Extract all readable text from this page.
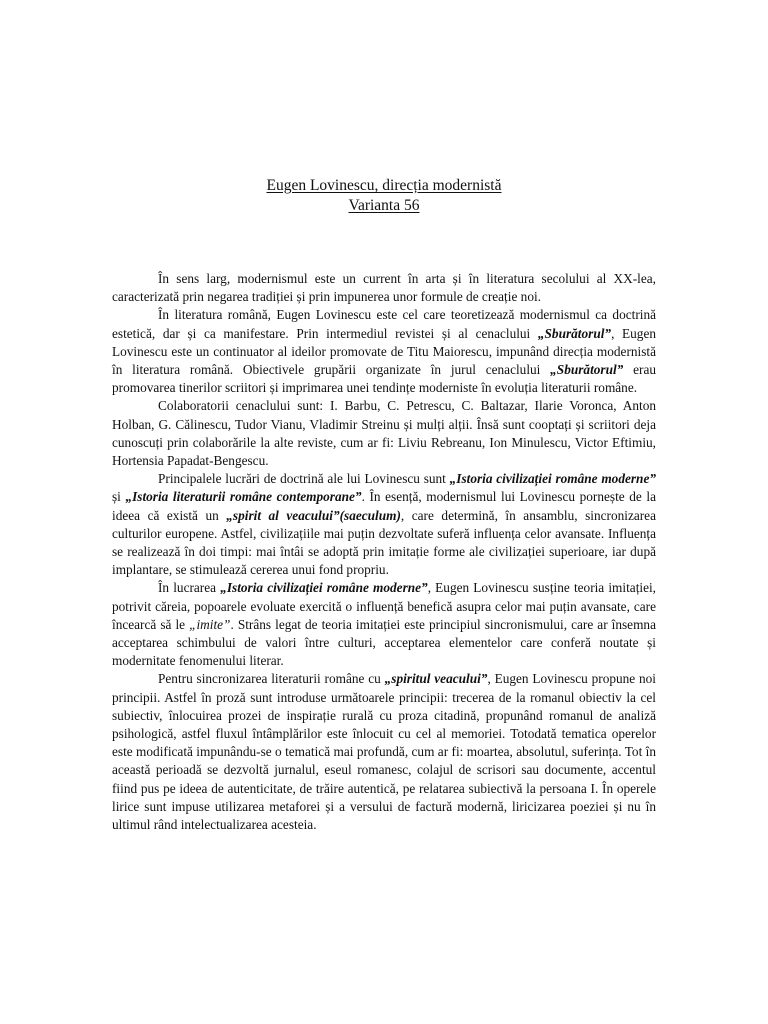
Eugen Lovinescu, direcția modernistă
Varianta 56

În sens larg, modernismul este un current în arta și în literatura secolului al XX-lea, caracterizată prin negarea tradiției și prin impunerea unor formule de creație noi.

În literatura română, Eugen Lovinescu este cel care teoretizează modernismul ca doctrină estetică, dar și ca manifestare. Prin intermediul revistei și al cenaclului „Sburătorul”, Eugen Lovinescu este un continuator al ideilor promovate de Titu Maiorescu, impunând direcția modernistă în literatura română. Obiectivele grupării organizate în jurul cenaclului „Sburătorul” erau promovarea tinerilor scriitori și imprimarea unei tendințe moderniste în evoluția literaturii române.

Colaboratorii cenaclului sunt: I. Barbu, C. Petrescu, C. Baltazar, Ilarie Voronca, Anton Holban, G. Călinescu, Tudor Vianu, Vladimir Streinu și mulți alții. Însă sunt cooptați și scriitori deja cunoscuți prin colaborările la alte reviste, cum ar fi: Liviu Rebreanu, Ion Minulescu, Victor Eftimiu, Hortensia Papadat-Bengescu.

Principalele lucrări de doctrină ale lui Lovinescu sunt „Istoria civilizației române moderne” și „Istoria literaturii române contemporane”. În esență, modernismul lui Lovinescu pornește de la ideea că există un „spirit al veacului”(saeculum), care determină, în ansamblu, sincronizarea culturilor europene. Astfel, civilizațiile mai puțin dezvoltate suferă influența celor avansate. Influența se realizează în doi timpi: mai întâi se adoptă prin imitație forme ale civilizației superioare, iar după implantare, se stimulează cererea unui fond propriu.

În lucrarea „Istoria civilizației române moderne”, Eugen Lovinescu susține teoria imitației, potrivit căreia, popoarele evoluate exercită o influență benefică asupra celor mai puțin avansate, care încearcă să le „imite”. Strâns legat de teoria imitației este principiul sincronismului, care ar însemna acceptarea schimbului de valori între culturi, acceptarea elementelor care conferă noutate și modernitate fenomenului literar.

Pentru sincronizarea literaturii române cu „spiritul veacului”, Eugen Lovinescu propune noi principii. Astfel în proză sunt introduse următoarele principii: trecerea de la romanul obiectiv la cel subiectiv, înlocuirea prozei de inspirație rurală cu proza citadină, propunând romanul de analiză psihologică, astfel fluxul întâmplărilor este înlocuit cu cel al memoriei. Totodată tematica operelor este modificată impunându-se o tematică mai profundă, cum ar fi: moartea, absolutul, suferința. Tot în această perioadă se dezvoltă jurnalul, eseul romanesc, colajul de scrisori sau documente, accentul fiind pus pe ideea de autenticitate, de trăire autentică, pe relatarea subiectivă la persoana I. În operele lirice sunt impuse utilizarea metaforei și a versului de factură modernă, liricizarea poeziei și nu în ultimul rând intelectualizarea acesteia.
